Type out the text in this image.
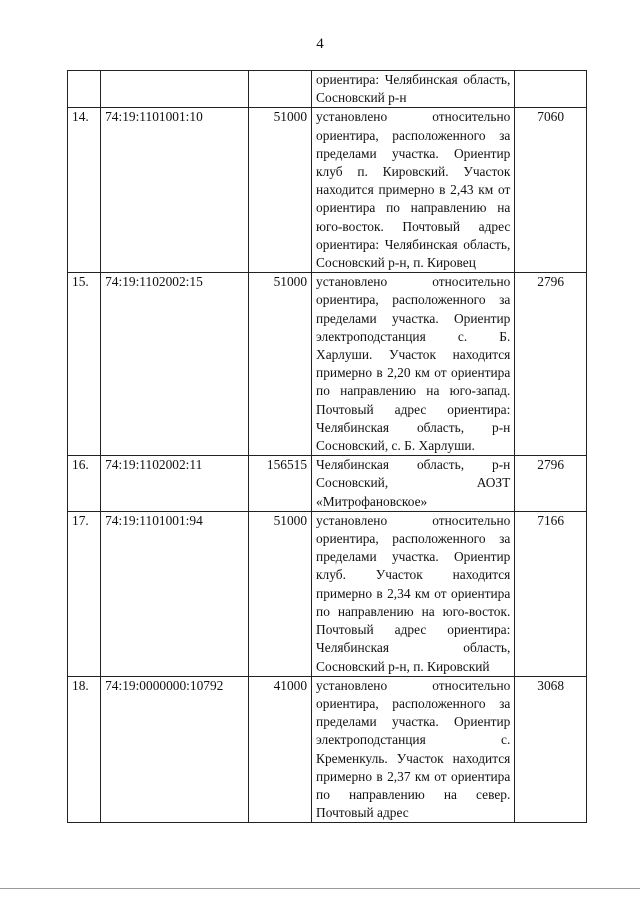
4
			ориентира: Челябинская область, Сосновский р-н	
14.	74:19:1101001:10	51000	установлено относительно ориентира, расположенного за пределами участка. Ориентир клуб п. Кировский. Участок находится примерно в 2,43 км от ориентира по направлению на юго-восток. Почтовый адрес ориентира: Челябинская область, Сосновский р-н, п. Кировец	7060
15.	74:19:1102002:15	51000	установлено относительно ориентира, расположенного за пределами участка. Ориентир электроподстанция с. Б. Харлуши. Участок находится примерно в 2,20 км от ориентира по направлению на юго-запад. Почтовый адрес ориентира: Челябинская область, р-н Сосновский, с. Б. Харлуши.	2796
16.	74:19:1102002:11	156515	Челябинская область, р-н Сосновский, АОЗТ «Митрофановское»	2796
17.	74:19:1101001:94	51000	установлено относительно ориентира, расположенного за пределами участка. Ориентир клуб. Участок находится примерно в 2,34 км от ориентира по направлению на юго-восток. Почтовый адрес ориентира: Челябинская область, Сосновский р-н, п. Кировский	7166
18.	74:19:0000000:10792	41000	установлено относительно ориентира, расположенного за пределами участка. Ориентир электроподстанция с. Кременкуль. Участок находится примерно в 2,37 км от ориентира по направлению на север. Почтовый адрес	3068
